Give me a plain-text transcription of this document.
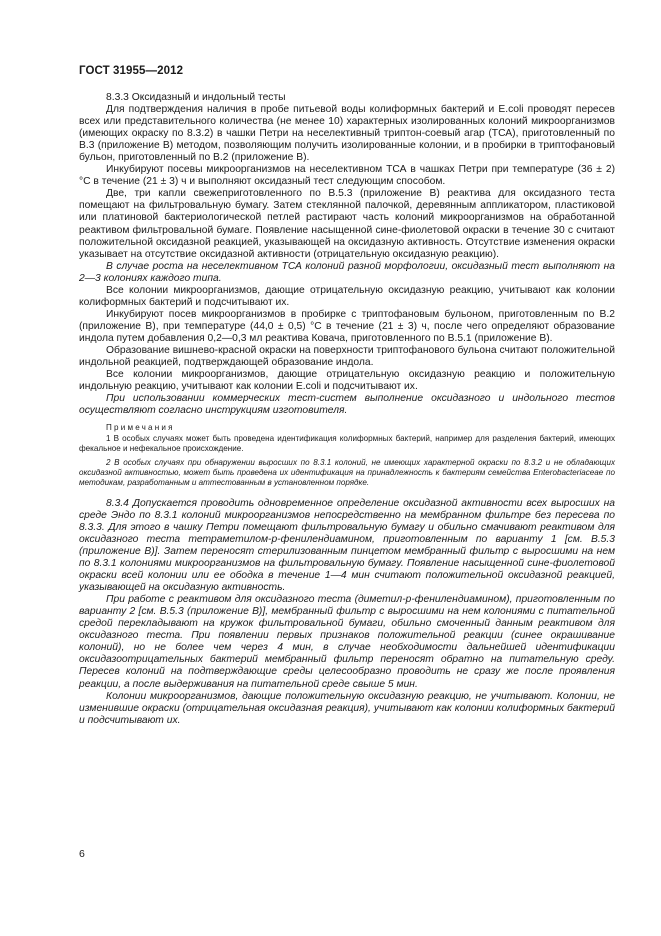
ГОСТ 31955—2012

8.3.3 Оксидазный и индольный тесты

Для подтверждения наличия в пробе питьевой воды колиформных бактерий и E.coli проводят пересев всех или представительного количества (не менее 10) характерных изолированных колоний микроорганизмов (имеющих окраску по 8.3.2) в чашки Петри на неселективный триптон-соевый агар (ТСА), приготовленный по В.3 (приложение В) методом, позволяющим получить изолированные колонии, и в пробирки в триптофановый бульон, приготовленный по В.2 (приложение В).

Инкубируют посевы микроорганизмов на неселективном ТСА в чашках Петри при температуре (36 ± 2) °С в течение (21 ± 3) ч и выполняют оксидазный тест следующим способом.

Две, три капли свежеприготовленного по В.5.3 (приложение В) реактива для оксидазного теста помещают на фильтровальную бумагу. Затем стеклянной палочкой, деревянным аппликатором, пластиковой или платиновой бактериологической петлей растирают часть колоний микроорганизмов на обработанной реактивом фильтровальной бумаге. Появление насыщенной сине-фиолетовой окраски в течение 30 с считают положительной оксидазной реакцией, указывающей на оксидазную активность. Отсутствие изменения окраски указывает на отсутствие оксидазной активности (отрицательную оксидазную реакцию).

В случае роста на неселективном ТСА колоний разной морфологии, оксидазный тест выполняют на 2—3 колониях каждого типа.

Все колонии микроорганизмов, дающие отрицательную оксидазную реакцию, учитывают как колонии колиформных бактерий и подсчитывают их.

Инкубируют посев микроорганизмов в пробирке с триптофановым бульоном, приготовленным по В.2 (приложение В), при температуре (44,0 ± 0,5) °С в течение (21 ± 3) ч, после чего определяют образование индола путем добавления 0,2—0,3 мл реактива Ковача, приготовленного по В.5.1 (приложение В).

Образование вишнево-красной окраски на поверхности триптофанового бульона считают положительной индольной реакцией, подтверждающей образование индола.

Все колонии микроорганизмов, дающие отрицательную оксидазную реакцию и положительную индольную реакцию, учитывают как колонии E.coli и подсчитывают их.

При использовании коммерческих тест-систем выполнение оксидазного и индольного тестов осуществляют согласно инструкциям изготовителя.

Примечания

1 В особых случаях может быть проведена идентификация колиформных бактерий, например для разделения бактерий, имеющих фекальное и нефекальное происхождение.

2 В особых случаях при обнаружении выросших по 8.3.1 колоний, не имеющих характерной окраски по 8.3.2 и не обладающих оксидазной активностью, может быть проведена их идентификация на принадлежность к бактериям семейства Enterobacteriaceae по методикам, разработанным и аттестованным в установленном порядке.

8.3.4 Допускается проводить одновременное определение оксидазной активности всех выросших на среде Эндо по 8.3.1 колоний микроорганизмов непосредственно на мембранном фильтре без пересева по 8.3.3. Для этого в чашку Петри помещают фильтровальную бумагу и обильно смачивают реактивом для оксидазного теста тетраметилом-р-фенилендиамином, приготовленным по варианту 1 [см. В.5.3 (приложение В)]. Затем переносят стерилизованным пинцетом мембранный фильтр с выросшими на нем по 8.3.1 колониями микроорганизмов на фильтровальную бумагу. Появление насыщенной сине-фиолетовой окраски всей колонии или ее ободка в течение 1—4 мин считают положительной оксидазной реакцией, указывающей на оксидазную активность.

При работе с реактивом для оксидазного теста (диметил-р-фенилендиамином), приготовленным по варианту 2 [см. В.5.3 (приложение В)], мембранный фильтр с выросшими на нем колониями с питательной средой перекладывают на кружок фильтровальной бумаги, обильно смоченный данным реактивом для оксидазного теста. При появлении первых признаков положительной реакции (синее окрашивание колоний), но не более чем через 4 мин, в случае необходимости дальнейшей идентификации оксидазоотрицательных бактерий мембранный фильтр переносят обратно на питательную среду. Пересев колоний на подтверждающие среды целесообразно проводить не сразу же после проявления реакции, а после выдерживания на питательной среде свыше 5 мин.

Колонии микроорганизмов, дающие положительную оксидазную реакцию, не учитывают. Колонии, не изменившие окраски (отрицательная оксидазная реакция), учитывают как колонии колиформных бактерий и подсчитывают их.

6
